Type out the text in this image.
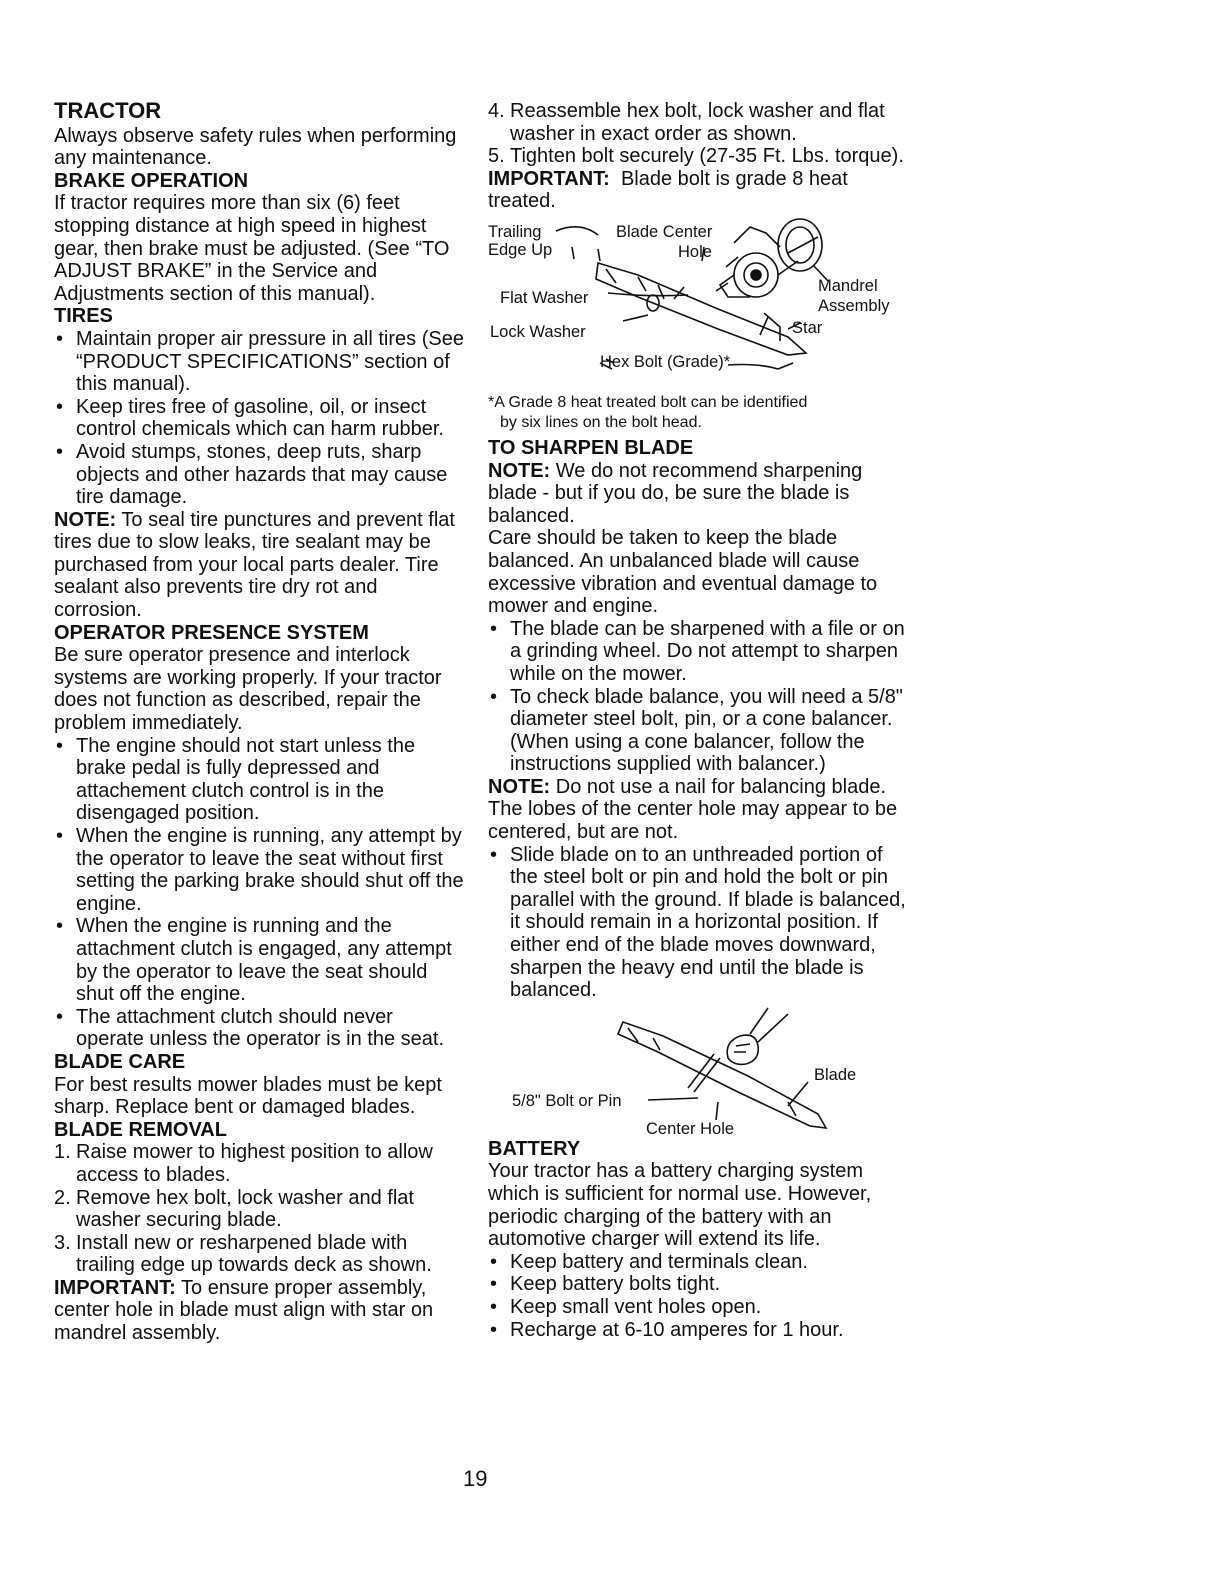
TRACTOR

Always observe safety rules when performing any maintenance.

BRAKE OPERATION

If tractor requires more than six (6) feet stopping distance at high speed in highest gear, then brake must be adjusted. (See “TO ADJUST BRAKE” in the Service and Adjustments section of this manual).

TIRES

• Maintain proper air pressure in all tires (See “PRODUCT SPECIFICATIONS” section of this manual).
• Keep tires free of gasoline, oil, or insect control chemicals which can harm rubber.
• Avoid stumps, stones, deep ruts, sharp objects and other hazards that may cause tire damage.

NOTE: To seal tire punctures and prevent flat tires due to slow leaks, tire sealant may be purchased from your local parts dealer. Tire sealant also prevents tire dry rot and corrosion.

OPERATOR PRESENCE SYSTEM

Be sure operator presence and interlock systems are working properly. If your tractor does not function as described, repair the problem immediately.

• The engine should not start unless the brake pedal is fully depressed and attachement clutch control is in the disengaged position.
• When the engine is running, any attempt by the operator to leave the seat without first setting the parking brake should shut off the engine.
• When the engine is running and the attachment clutch is engaged, any attempt by the operator to leave the seat should shut off the engine.
• The attachment clutch should never operate unless the operator is in the seat.

BLADE CARE

For best results mower blades must be kept sharp. Replace bent or damaged blades.

BLADE REMOVAL

1. Raise mower to highest position to allow access to blades.
2. Remove hex bolt, lock washer and flat washer securing blade.
3. Install new or resharpened blade with trailing edge up towards deck as shown.

IMPORTANT: To ensure proper assembly, center hole in blade must align with star on mandrel assembly.

4. Reassemble hex bolt, lock washer and flat washer in exact order as shown.
5. Tighten bolt securely (27-35 Ft. Lbs. torque).

IMPORTANT: Blade bolt is grade 8 heat treated.

Trailing
Edge Up
Blade Center
Hole
Mandrel
Assembly
Flat Washer
Lock Washer	Star
Hex Bolt (Grade)*

*A Grade 8 heat treated bolt can be identified
by six lines on the bolt head.

TO SHARPEN BLADE

NOTE: We do not recommend sharpening blade - but if you do, be sure the blade is balanced.

Care should be taken to keep the blade balanced. An unbalanced blade will cause excessive vibration and eventual damage to mower and engine.

• The blade can be sharpened with a file or on a grinding wheel. Do not attempt to sharpen while on the mower.
• To check blade balance, you will need a 5/8" diameter steel bolt, pin, or a cone balancer. (When using a cone balancer, follow the instructions supplied with balancer.)

NOTE: Do not use a nail for balancing blade. The lobes of the center hole may appear to be centered, but are not.

• Slide blade on to an unthreaded portion of the steel bolt or pin and hold the bolt or pin parallel with the ground. If blade is balanced, it should remain in a horizontal position. If either end of the blade moves downward, sharpen the heavy end until the blade is balanced.
Blade
5/8" Bolt or Pin
Center Hole

BATTERY

Your tractor has a battery charging system which is sufficient for normal use. However, periodic charging of the battery with an automotive charger will extend its life.

• Keep battery and terminals clean.
• Keep battery bolts tight.
• Keep small vent holes open.
• Recharge at 6-10 amperes for 1 hour.
19
